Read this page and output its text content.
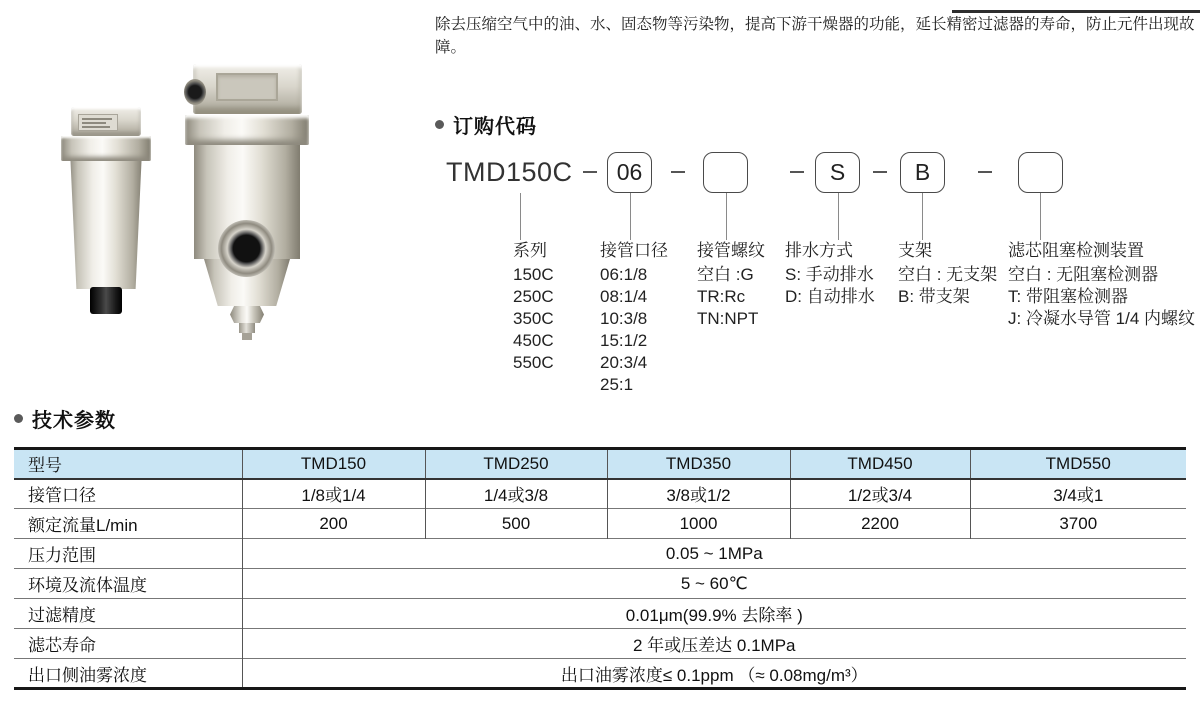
除去压缩空气中的油、水、固态物等污染物，提高下游干燥器的功能，延长精密过滤器的寿命，防止元件出现故障。

订购代码
TMD150C 06	S	B
系列
150C
250C
350C
450C
550C
接管口径
06:1/8
08:1/4
10:3/8
15:1/2
20:3/4
25:1
接管螺纹
空白 :G
TR:Rc
TN:NPT
排水方式
S: 手动排水
D: 自动排水
支架
空白 : 无支架
B: 带支架
滤芯阻塞检测装置
空白 : 无阻塞检测器
T: 带阻塞检测器
J: 冷凝水导管 1/4 内螺纹
技术参数
型号	TMD150	TMD250	TMD350	TMD450	TMD550
接管口径	1/8或1/4	1/4或3/8	3/8或1/2	1/2或3/4	3/4或1
额定流量L/min	200	500	1000	2200	3700
压力范围	0.05 ~ 1MPa				
环境及流体温度	5 ~ 60℃				
过滤精度	0.01μm(99.9% 去除率 )				
滤芯寿命	2 年或压差达 0.1MPa				
出口侧油雾浓度	出口油雾浓度≤ 0.1ppm （≈ 0.08mg/m³）				
